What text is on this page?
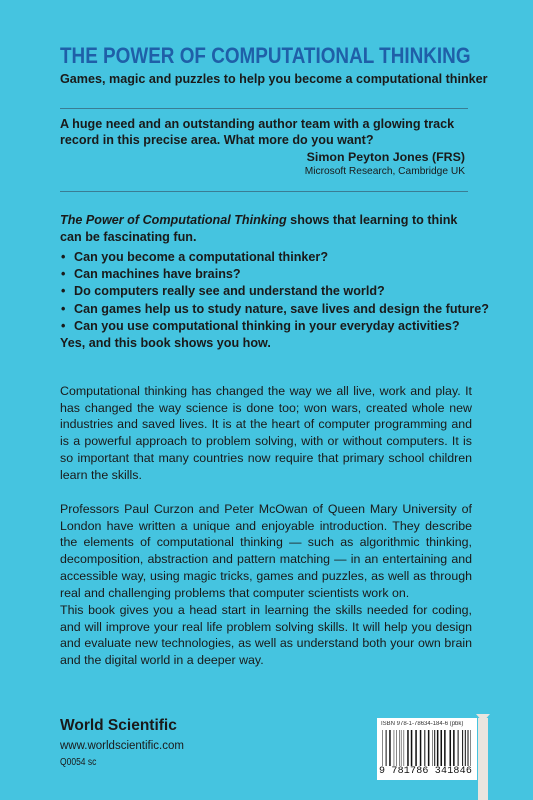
THE POWER OF COMPUTATIONAL THINKING
Games, magic and puzzles to help you become a computational thinker
A huge need and an outstanding author team with a glowing track record in this precise area. What more do you want?
Simon Peyton Jones (FRS)
Microsoft Research, Cambridge UK
The Power of Computational Thinking shows that learning to think can be fascinating fun.
• Can you become a computational thinker?
• Can machines have brains?
• Do computers really see and understand the world?
• Can games help us to study nature, save lives and design the future?
• Can you use computational thinking in your everyday activities?
Yes, and this book shows you how.
Computational thinking has changed the way we all live, work and play. It has changed the way science is done too; won wars, created whole new industries and saved lives. It is at the heart of computer programming and is a powerful approach to problem solving, with or without computers. It is so important that many countries now require that primary school children learn the skills.
Professors Paul Curzon and Peter McOwan of Queen Mary University of London have written a unique and enjoyable introduction. They describe the elements of computational thinking — such as algorithmic thinking, decomposition, abstraction and pattern matching — in an entertaining and accessible way, using magic tricks, games and puzzles, as well as through real and challenging problems that computer scientists work on.
This book gives you a head start in learning the skills needed for coding, and will improve your real life problem solving skills. It will help you design and evaluate new technologies, as well as understand both your own brain and the digital world in a deeper way.
World Scientific
www.worldscientific.com
Q0054 sc
ISBN 978-1-78634-184-6 (pbk)
9 781786 341846
